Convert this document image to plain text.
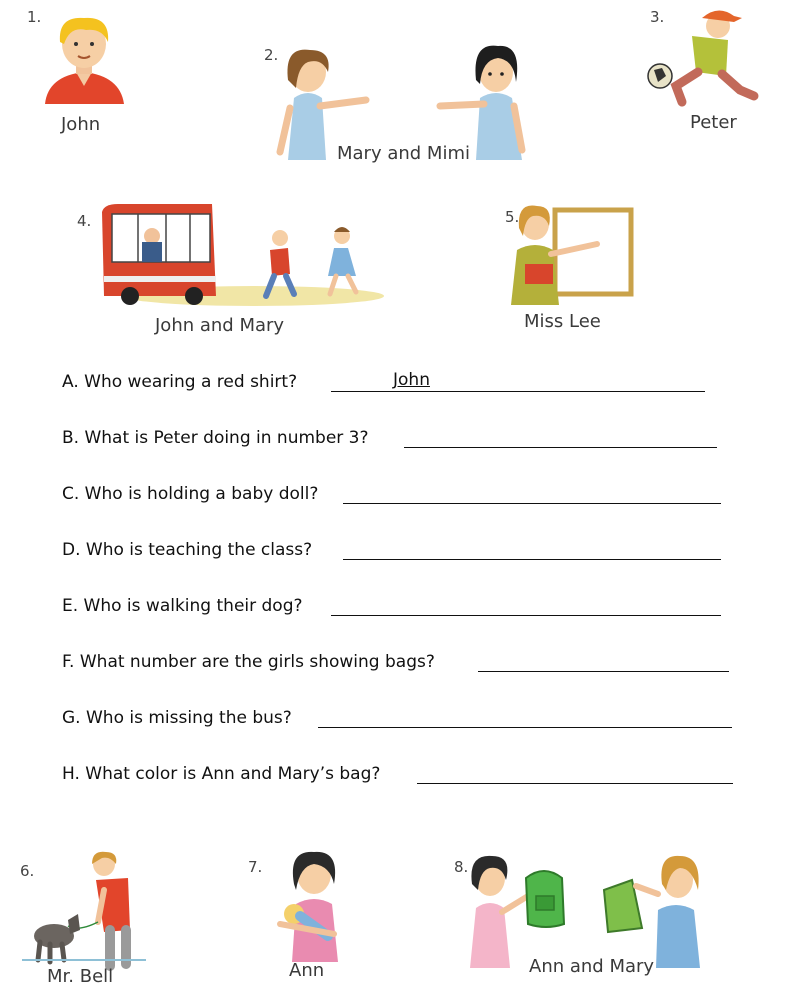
1.
John
2.
Mary and Mimi
3.
Peter
4.
John and Mary
5.
Miss Lee
A. Who wearing a red shirt?	John
B. What is Peter doing in number 3?
C. Who is holding a baby doll?
D. Who is teaching the class?
E. Who is walking their dog?
F. What number are the girls showing bags?
G. Who is missing the bus?
H. What color is Ann and Mary’s bag?
6.
Mr. Bell
7.
Ann
8.
Ann and Mary
